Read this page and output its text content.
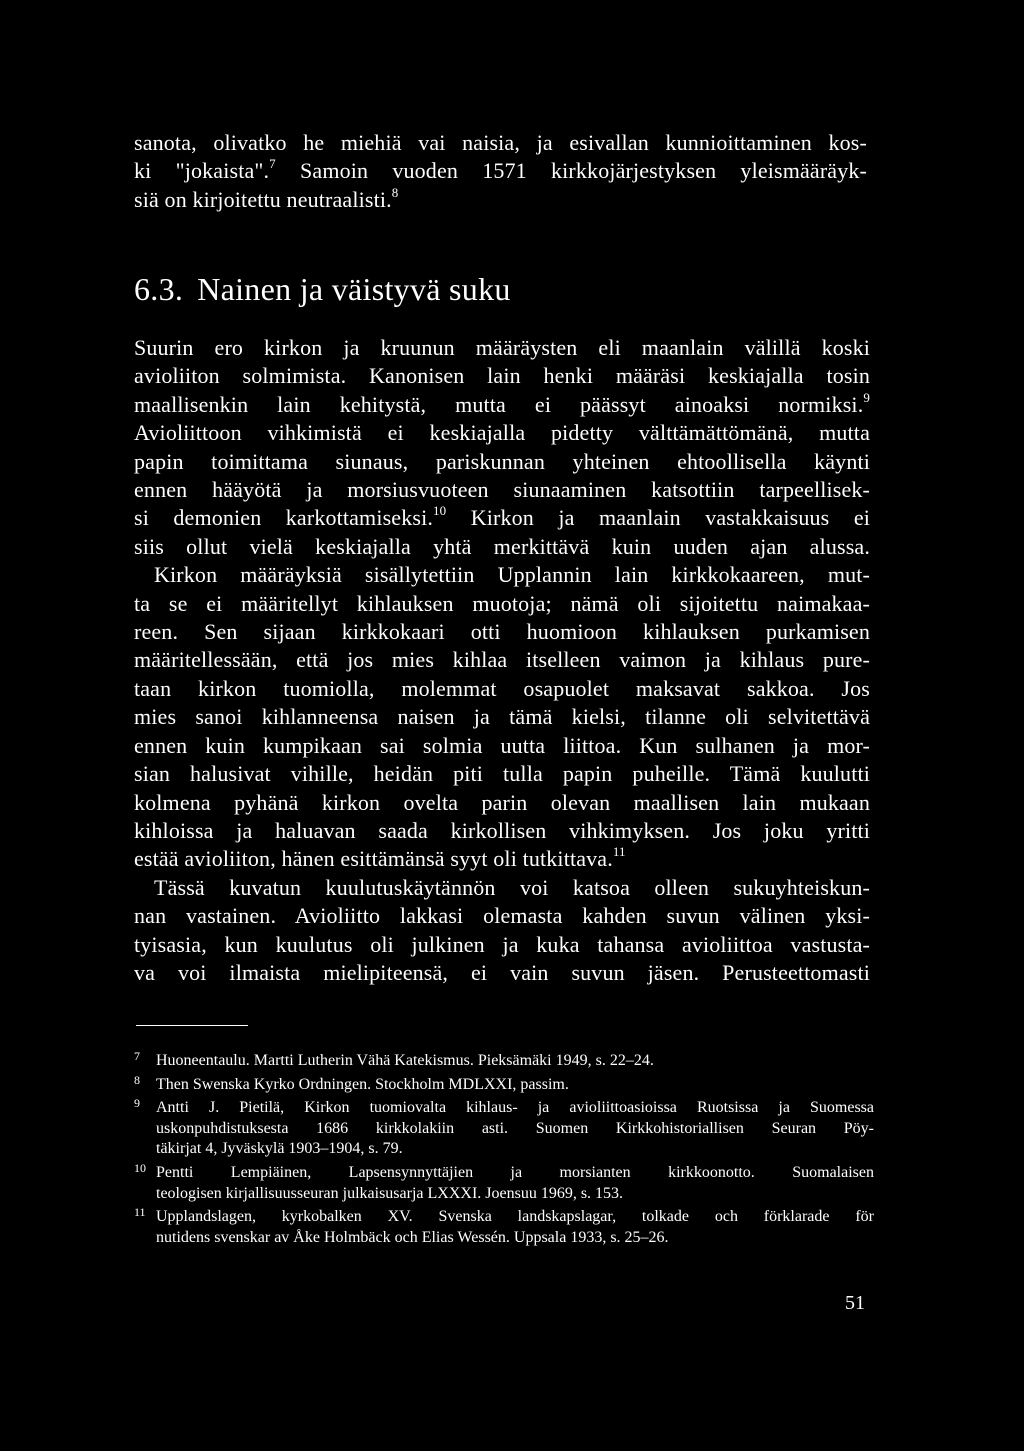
sanota, olivatko he miehiä vai naisia, ja esivallan kunnioittaminen kos-
ki "jokaista".$^7$ Samoin vuoden 1571 kirkkojärjestyksen yleismääräyk-
siä on kirjoitettu neutraalisti.$^8$
6.3. Nainen ja väistyvä suku
Suurin ero kirkon ja kruunun määräysten eli maanlain välillä koski
avioliiton solmimista. Kanonisen lain henki määräsi keskiajalla tosin
maallisenkin lain kehitystä, mutta ei päässyt ainoaksi normiksi.$^9$
Avioliittoon vihkimistä ei keskiajalla pidetty välttämättömänä, mutta
papin toimittama siunaus, pariskunnan yhteinen ehtoollisella käynti
ennen hääyötä ja morsiusvuoteen siunaaminen katsottiin tarpeellisek-
si demonien karkottamiseksi.$^{10}$ Kirkon ja maanlain vastakkaisuus ei
siis ollut vielä keskiajalla yhtä merkittävä kuin uuden ajan alussa.
Kirkon määräyksiä sisällytettiin Upplannin lain kirkkokaareen, mut-
ta se ei määritellyt kihlauksen muotoja; nämä oli sijoitettu naimakaa-
reen. Sen sijaan kirkkokaari otti huomioon kihlauksen purkamisen
määritellessään, että jos mies kihlaa itselleen vaimon ja kihlaus pure-
taan kirkon tuomiolla, molemmat osapuolet maksavat sakkoa. Jos
mies sanoi kihlanneensa naisen ja tämä kielsi, tilanne oli selvitettävä
ennen kuin kumpikaan sai solmia uutta liittoa. Kun sulhanen ja mor-
sian halusivat vihille, heidän piti tulla papin puheille. Tämä kuulutti
kolmena pyhänä kirkon ovelta parin olevan maallisen lain mukaan
kihloissa ja haluavan saada kirkollisen vihkimyksen. Jos joku yritti
estää avioliiton, hänen esittämänsä syyt oli tutkittava.$^{11}$
Tässä kuvatun kuulutuskäytännön voi katsoa olleen sukuyhteiskun-
nan vastainen. Avioliitto lakkasi olemasta kahden suvun välinen yksi-
tyisasia, kun kuulutus oli julkinen ja kuka tahansa avioliittoa vastusta-
va voi ilmaista mielipiteensä, ei vain suvun jäsen. Perusteettomasti
7 Huoneentaulu. Martti Lutherin Vähä Katekismus. Pieksämäki 1949, s. 22–24.
8 Then Swenska Kyrko Ordningen. Stockholm MDLXXI, passim.
9 Antti J. Pietilä, Kirkon tuomiovalta kihlaus- ja avioliittoasioissa Ruotsissa ja Suomessa
uskonpuhdistuksesta 1686 kirkkolakiin asti. Suomen Kirkkohistoriallisen Seuran Pöy-
täkirjat 4, Jyväskylä 1903–1904, s. 79.
10 Pentti Lempiäinen, Lapsensynnyttäjien ja morsianten kirkkoonotto. Suomalaisen
teologisen kirjallisuusseuran julkaisusarja LXXXI. Joensuu 1969, s. 153.
11 Upplandslagen, kyrkobalken XV. Svenska landskapslagar, tolkade och förklarade för
nutidens svenskar av Åke Holmbäck och Elias Wessén. Uppsala 1933, s. 25–26.
51
